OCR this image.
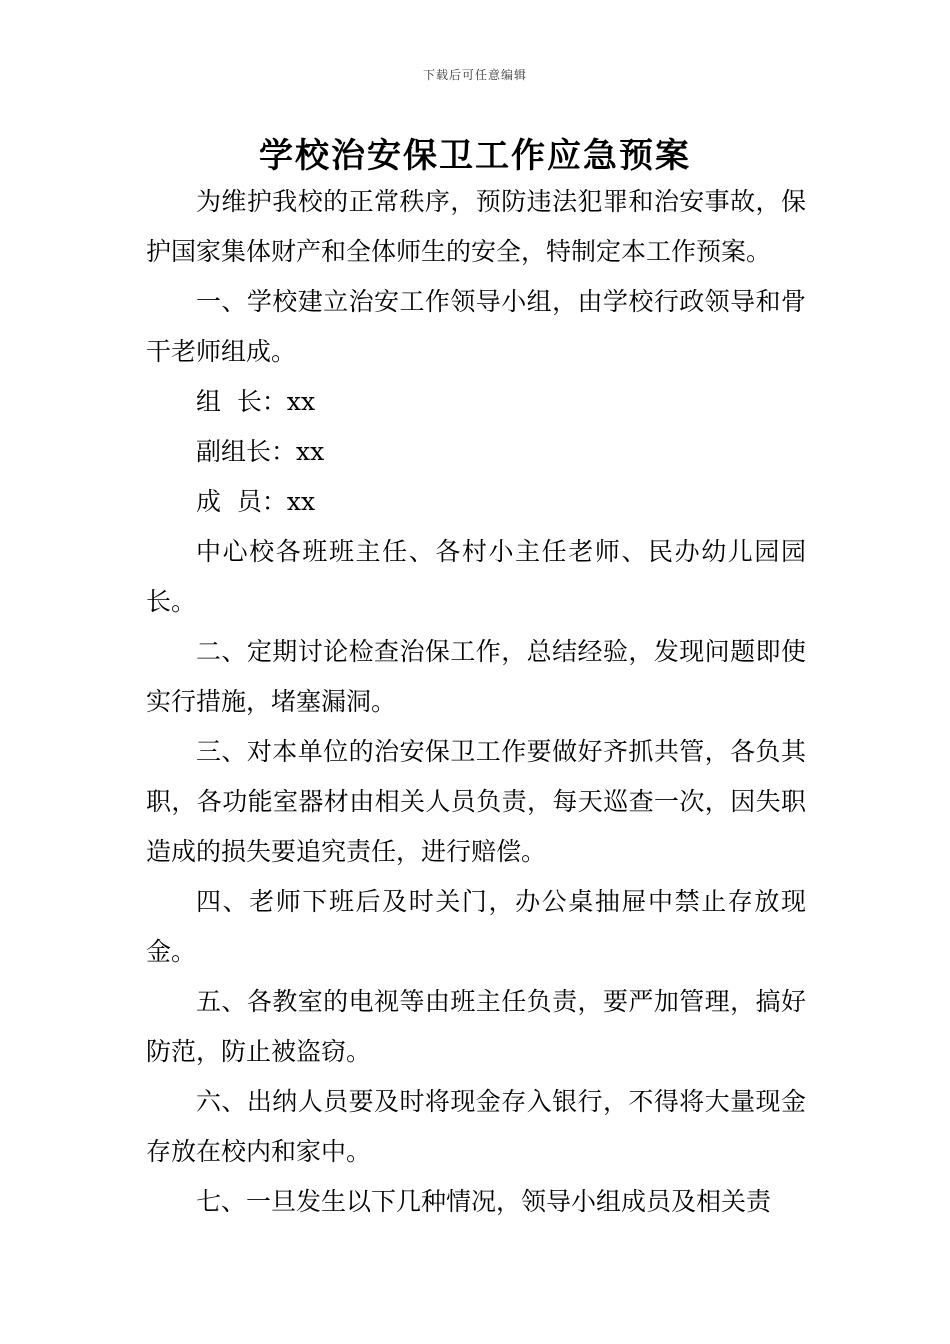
下载后可任意编辑
学校治安保卫工作应急预案

为维护我校的正常秩序，预防违法犯罪和治安事故，保护国家集体财产和全体师生的安全，特制定本工作预案。

一、学校建立治安工作领导小组，由学校行政领导和骨干老师组成。

组  长：xx

副组长：xx

成  员：xx

中心校各班班主任、各村小主任老师、民办幼儿园园长。

二、定期讨论检查治保工作，总结经验，发现问题即使实行措施，堵塞漏洞。

三、对本单位的治安保卫工作要做好齐抓共管，各负其职，各功能室器材由相关人员负责，每天巡查一次，因失职造成的损失要追究责任，进行赔偿。

四、老师下班后及时关门，办公桌抽屉中禁止存放现金。

五、各教室的电视等由班主任负责，要严加管理，搞好防范，防止被盗窃。

六、出纳人员要及时将现金存入银行，不得将大量现金存放在校内和家中。

七、一旦发生以下几种情况，领导小组成员及相关责
